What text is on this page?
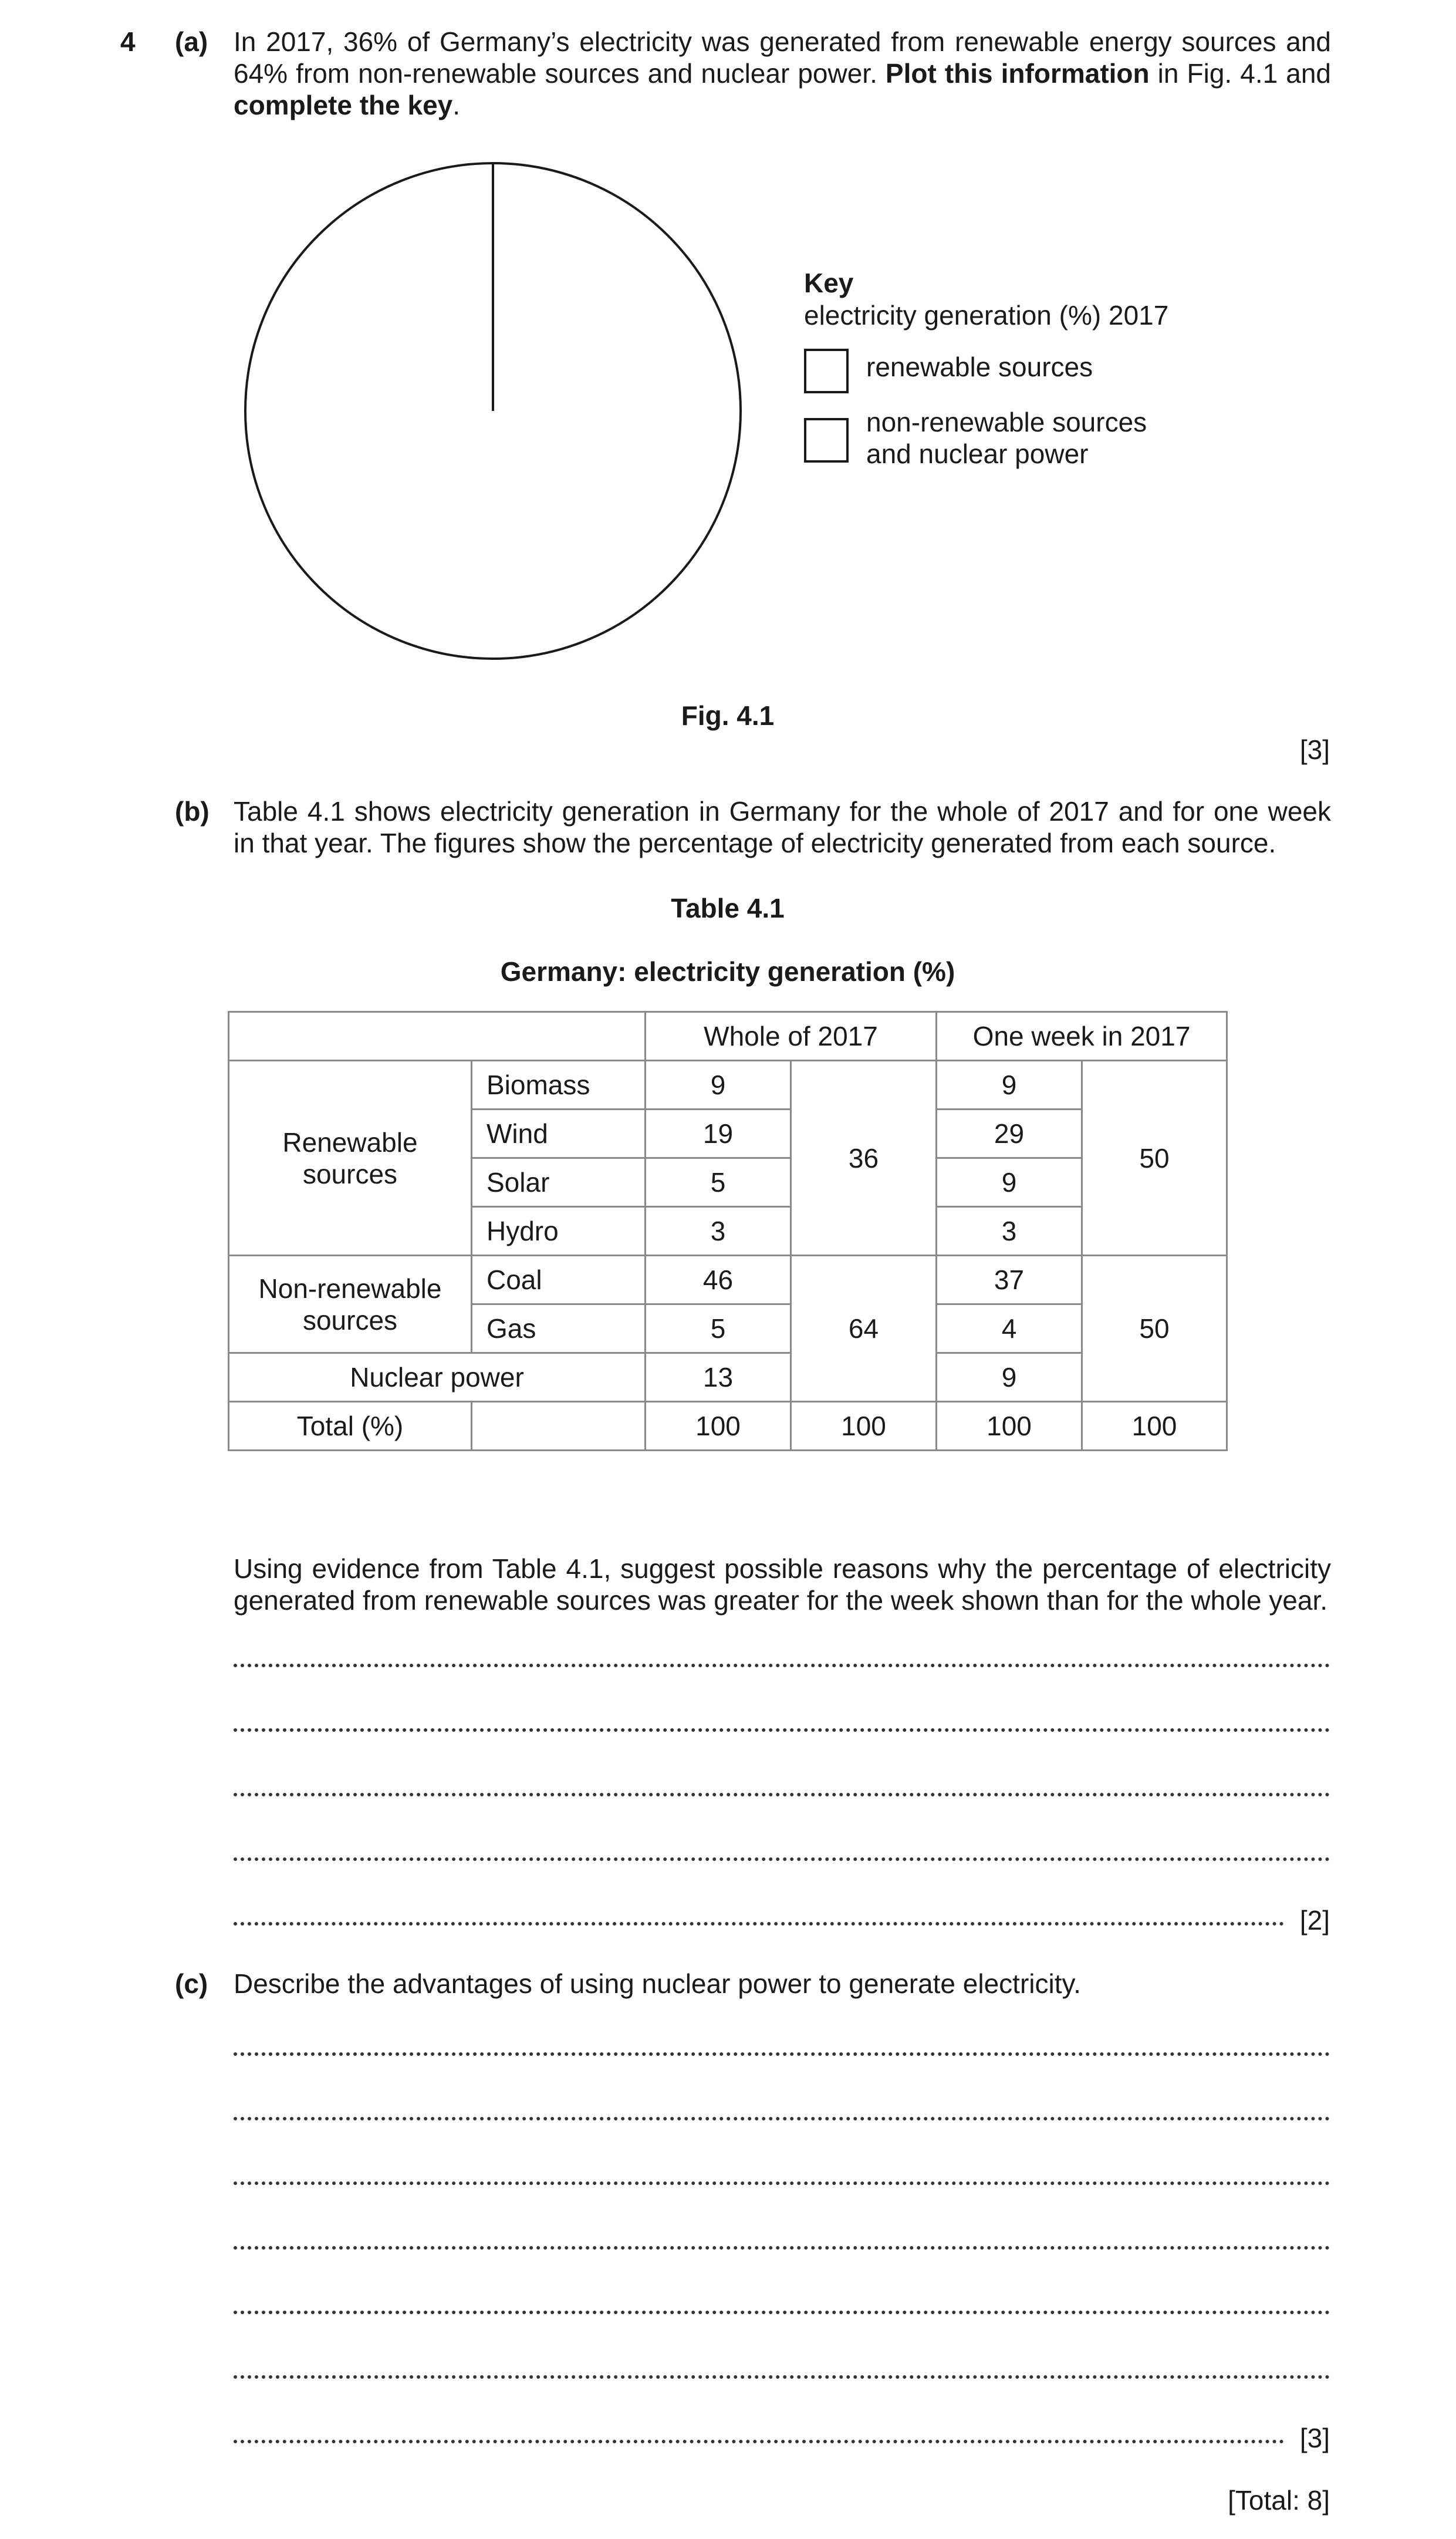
4 (a) In 2017, 36% of Germany’s electricity was generated from renewable energy sources and 64% from non-renewable sources and nuclear power. Plot this information in Fig. 4.1 and complete the key.
Key
electricity generation (%) 2017
renewable sources
non-renewable sources
and nuclear power
Fig. 4.1
[3]
(b) Table 4.1 shows electricity generation in Germany for the whole of 2017 and for one week in that year. The figures show the percentage of electricity generated from each source.
Table 4.1
Germany: electricity generation (%)
		Whole of 2017		One week in 2017	
Renewable
sources	Biomass	9	36	9	50
	Wind	19		29	
	Solar	5		9	
	Hydro	3		3	
Non-renewable
sources	Coal	46	64	37	50
	Gas	5		4	
Nuclear power		13		9	
Total (%)		100	100	100	100
Using evidence from Table 4.1, suggest possible reasons why the percentage of electricity generated from renewable sources was greater for the week shown than for the whole year.
[2]
(c) Describe the advantages of using nuclear power to generate electricity.
[3]
[Total: 8]
